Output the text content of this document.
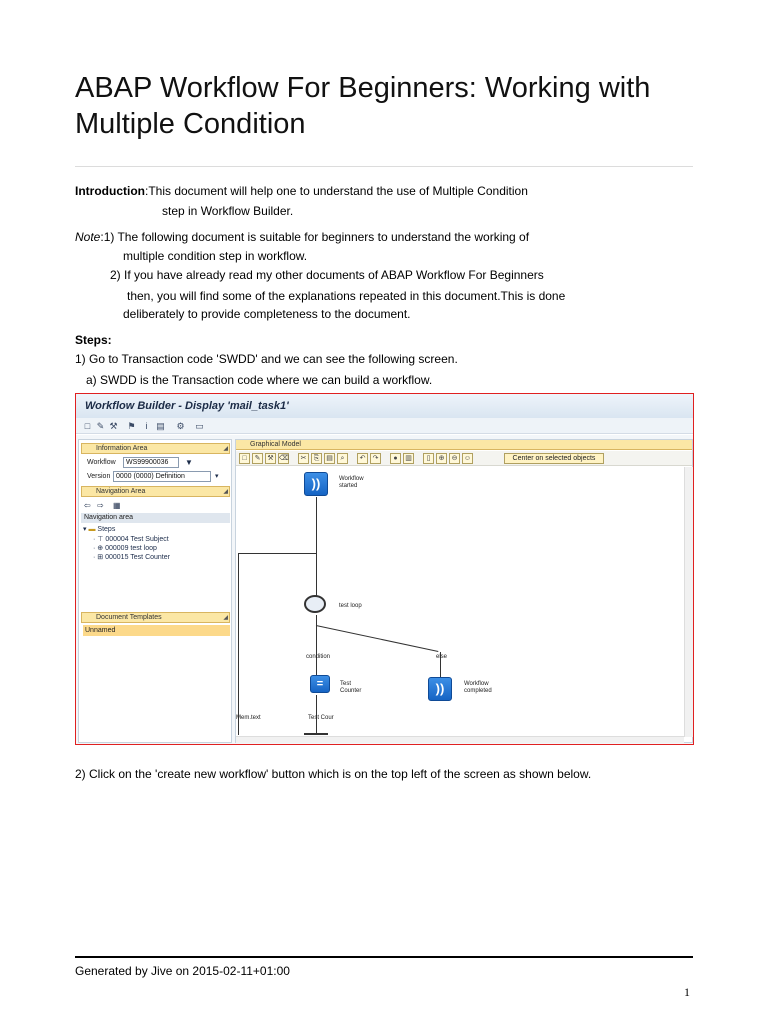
ABAP Workflow For Beginners: Working with Multiple Condition
Introduction:This document will help one to understand the use of Multiple Condition
step in Workflow Builder.
Note:1) The following document is suitable for beginners to understand the working of
multiple condition step in workflow.
2) If you have already read my other documents of ABAP Workflow For Beginners
then, you will find some of the explanations repeated in this document.This is done
deliberately to provide completeness to the document.
Steps:
1) Go to Transaction code 'SWDD' and we can see the following screen.
a) SWDD is the Transaction code where we can build a workflow.
Workflow Builder - Display 'mail_task1'
□ ✎ ⚒ ⚑	i ▤ ⚙ ▭
Information Area	◢
Workflow	WS99900036	▼
Version 0000 (0000) Definition	▾
Navigation Area	◢
⇦ ⇨ ▦
Navigation area
▾ ▬ Steps
· ⊤ 000004 Test Subject
· ⊕ 000009 test loop
· ⊞ 000015 Test Counter
Document Templates	◢
Unnamed
Graphical Model
□	✎ ⚒ ⌫	✂	⎘ ▤	⌕	↶	↷	●	▥	▯	⊕	⊖ ☺	Center on selected objects
))	Workflow started
test loop
condition	else
=	Test Counter	))	Workflow completed
Mem.text	Test Cour
2) Click on the 'create new workflow' button which is on the top left of the screen as shown below.
Generated by Jive on 2015-02-11+01:00
1
